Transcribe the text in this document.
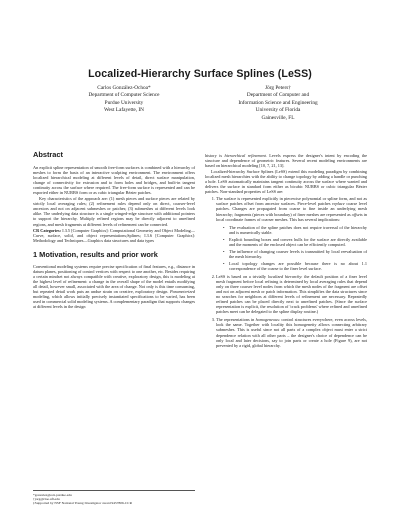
Localized-Hierarchy Surface Splines (LeSS)
Carlos González-Ochoa*
Department of Computer Science
Purdue University
West Lafayette, IN
Jörg Peters†
Department of Computer and
Information Science and Engineering
University of Florida
Gainesville, FL
Abstract

An explicit spline representation of smooth free-form surfaces is combined with a hierarchy of meshes to form the basis of an interactive sculpting environment. The environment offers localized hierarchical modeling at different levels of detail, direct surface manipulation, change of connectivity for extrusion and to form holes and bridges, and built-in tangent continuity across the surface where required. The free-form surface is represented and can be exported either in NURBS form or as cubic triangular Bézier patches.

Key characteristics of the approach are: (1) mesh pieces and surface pieces are related by strictly local averaging rules; (2) refinement rules depend only on direct, coarser-level ancestors and not on adjacent submeshes or patches; (3) submeshes at different levels look alike. The underlying data structure is a single winged-edge structure with additional pointers to support the hierarchy. Multiply refined regions may be directly adjacent to unrefined regions, and mesh fragments at different levels of refinement can be connected.

CR Categories: I.3.5 [Computer Graphics]: Computational Geometry and Object Modeling—Curve, surface, solid, and object representations;Splines; I.3.6 [Computer Graphics]: Methodology and Techniques—Graphics data structures and data types

1 Motivation, results and prior work

Conventional modeling systems require precise specification of final features, e.g., distance in datum planes, positioning of control vertices with respect to one another, etc. Besides requiring a certain mindset not always compatible with creative, exploratory design, this is modeling at the highest level of refinement: a change in the overall shape of the model entails modifying all detail, however small, associated with the area of change. Not only is this time consuming, but repeated detail work puts an undue strain on creative, exploratory design. Parameterized modeling, which allows initially precisely instantiated specifications to be varied, has been used in commercial solid modeling systems. A complementary paradigm that supports changes at different levels in the design

*gonzalez@ecn.purdue.edu
†jorg@cise.ufl.edu
‡Supported by NSF National Young Investigator award 9457806-CCR

history is hierarchical refinement. Levels express the designer's intent by encoding the structure and dependence of geometric features. Several recent modeling environments are based on hierarchical modeling [10, 7, 21, 13].

Localized-hierarchy Surface Splines (LeSS) extend this modeling paradigm by combining localized mesh hierarchies with the ability to change topology by adding a handle or punching a hole. LeSS automatically maintains tangent continuity across the surface where wanted and delivers the surface in standard form either as bicubic NURBS or cubic triangular Bézier patches. Non-standard properties of LeSS are:

1. The surface is represented explicitly in piecewise polynomial or spline form, and not as surface patches offset from ancestor surfaces. Piece-level patches replace coarse level patches. Changes are propagated from coarse to fine inside an underlying mesh hierarchy; fragments (pieces with boundary) of finer meshes are represented as offsets in local coordinate frames of coarser meshes. This has several implications:
• The evaluation of the spline patches does not require traversal of the hierarchy and is numerically stable.
• Explicit bounding boxes and convex hulls for the surface are directly available and the moments of the enclosed object can be efficiently computed.
• The influence of changing coarser levels is transmitted by local reevaluation of the mesh hierarchy.
• Local topology changes are possible because there is no about 1.1 correspondence of the coarse to the finer level surface.
2. LeSS is based on a trivially localized hierarchy: the default position of a finer level mesh fragment before local refining is determined by local averaging rules that depend only on three coarser level nodes from which the mesh nodes of the fragment are offset and not on adjacent mesh or patch information. This simplifies the data structures since no searches for neighbors at different levels of refinement are necessary. Repeatedly refined patches can be placed directly next to unrefined patches. (Since the surface representation is explicit, the resolution of 'crack problems' where refined and unrefined patches meet can be delegated to the spline display routine.)
3. The representations in homogeneous: control structures everywhere, even across levels, look the same. Together with locality this homogeneity allows connecting arbitrary submeshes. This is useful since not all parts of a complex object must enter a strict dependence relation with all other parts – the designer's choice of dependence can be only local and later decisions, say to join parts or create a hole (Figure 9), are not prevented by a rigid, global hierarchy.
